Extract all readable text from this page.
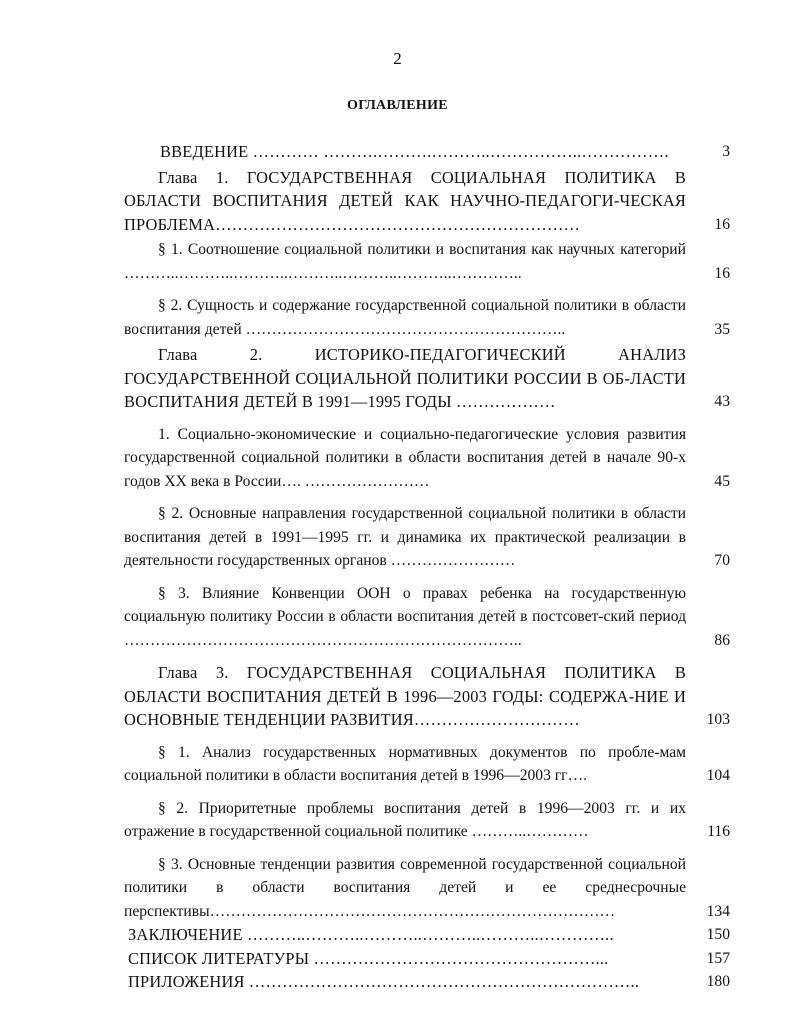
2
ОГЛАВЛЕНИЕ
ВВЕДЕНИЕ ………… ……….……….………..……………..…………….	3
Глава 1. ГОСУДАРСТВЕННАЯ СОЦИАЛЬНАЯ ПОЛИТИКА В ОБЛАСТИ ВОСПИТАНИЯ ДЕТЕЙ КАК НАУЧНО-ПЕДАГОГИ-ЧЕСКАЯ ПРОБЛЕМА…………………………………………………………	16
§ 1. Соотношение социальной политики и воспитания как научных категорий ………..………..………..………..………..………..…………..	16
§ 2. Сущность и содержание государственной социальной политики в области воспитания детей ……………………………………………………..	35
Глава 2. ИСТОРИКО-ПЕДАГОГИЧЕСКИЙ АНАЛИЗ ГОСУДАРСТВЕННОЙ СОЦИАЛЬНОЙ ПОЛИТИКИ РОССИИ В ОБ-ЛАСТИ ВОСПИТАНИЯ ДЕТЕЙ В 1991—1995 ГОДЫ ………………	43
1. Социально-экономические и социально-педагогические условия развития государственной социальной политики в области воспитания детей в начале 90-х годов XX века в России…. ……………………	45
§ 2. Основные направления государственной социальной политики в области воспитания детей в 1991—1995 гг. и динамика их практической реализации в деятельности государственных органов ……………………	70
§ 3. Влияние Конвенции ООН о правах ребенка на государственную социальную политику России в области воспитания детей в постсовет-ский период …………………………………………………………………..	86
Глава 3. ГОСУДАРСТВЕННАЯ СОЦИАЛЬНАЯ ПОЛИТИКА В ОБЛАСТИ ВОСПИТАНИЯ ДЕТЕЙ В 1996—2003 ГОДЫ: СОДЕРЖА-НИЕ И ОСНОВНЫЕ ТЕНДЕНЦИИ РАЗВИТИЯ…………………………	103
§ 1. Анализ государственных нормативных документов по пробле-мам социальной политики в области воспитания детей в 1996—2003 гг….	104
§ 2. Приоритетные проблемы воспитания детей в 1996—2003 гг. и их отражение в государственной социальной политике ………..…………	116
§ 3. Основные тенденции развития современной государственной социальной политики в области воспитания детей и ее среднесрочные перспективы……………………………………………………………………	134
ЗАКЛЮЧЕНИЕ ………..………..………..………..………..…………..	150
СПИСОК ЛИТЕРАТУРЫ ……………………………………………...	157
ПРИЛОЖЕНИЯ ……………………………………………………………..	180
